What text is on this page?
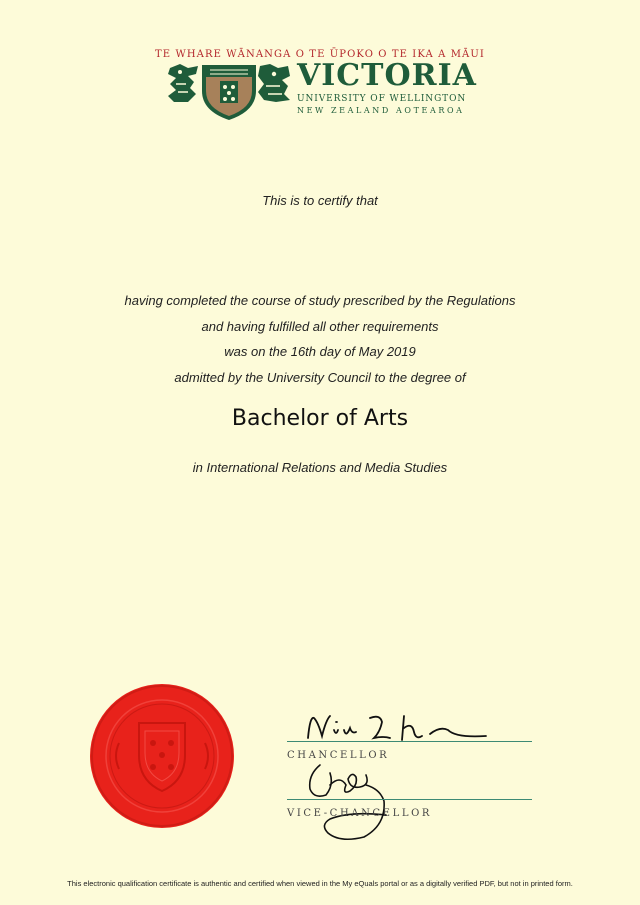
TE WHARE WĀNANGA O TE ŪPOKO O TE IKA A MĀUI
VICTORIA
UNIVERSITY OF WELLINGTON
NEW ZEALAND AOTEAROA
This is to certify that
having completed the course of study prescribed by the Regulations
and having fulfilled all other requirements
was on the 16th day of May 2019
admitted by the University Council to the degree of
Bachelor of Arts
in International Relations and Media Studies
CHANCELLOR
VICE-CHANCELLOR
This electronic qualification certificate is authentic and certified when viewed in the My eQuals portal or as a digitally verified PDF, but not in printed form.
